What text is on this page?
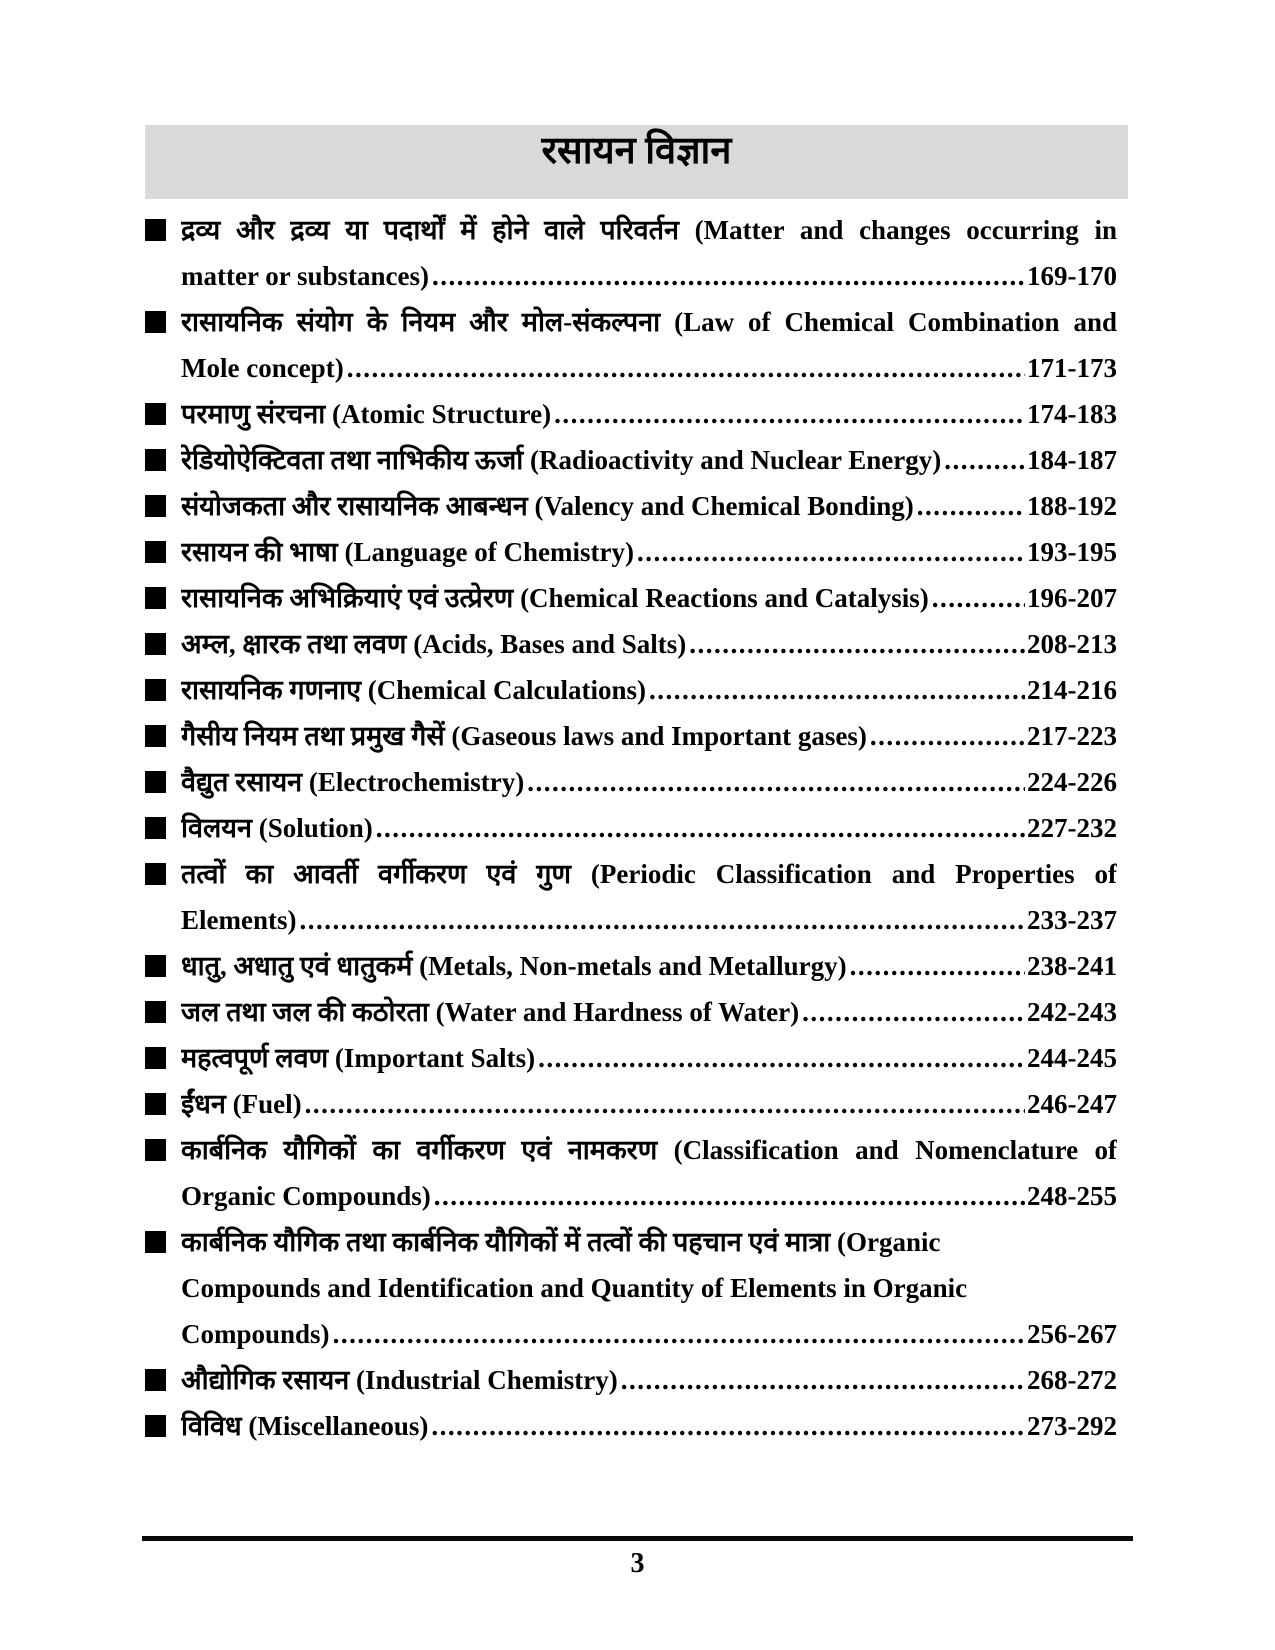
रसायन विज्ञान
द्रव्य और द्रव्य या पदार्थों में होने वाले परिवर्तन (Matter and changes occurring in
matter or substances) .....	169-170
रासायनिक संयोग के नियम और मोल-संकल्पना (Law of Chemical Combination and
Mole concept) .....	171-173
परमाणु संरचना (Atomic Structure) .....	174-183
रेडियोऐक्टिवता तथा नाभिकीय ऊर्जा (Radioactivity and Nuclear Energy) .....	184-187
संयोजकता और रासायनिक आबन्धन (Valency and Chemical Bonding) .....	188-192
रसायन की भाषा (Language of Chemistry) .....	193-195
रासायनिक अभिक्रियाएं एवं उत्प्रेरण (Chemical Reactions and Catalysis) .....	196-207
अम्ल, क्षारक तथा लवण (Acids, Bases and Salts) .....	208-213
रासायनिक गणनाए (Chemical Calculations) .....	214-216
गैसीय नियम तथा प्रमुख गैसें (Gaseous laws and Important gases) .....	217-223
वैद्युत रसायन (Electrochemistry) .....	224-226
विलयन (Solution) .....	227-232
तत्वों का आवर्ती वर्गीकरण एवं गुण (Periodic Classification and Properties of
Elements) .....	233-237
धातु, अधातु एवं धातुकर्म (Metals, Non-metals and Metallurgy) .....	238-241
जल तथा जल की कठोरता (Water and Hardness of Water) .....	242-243
महत्वपूर्ण लवण (Important Salts) .....	244-245
ईंधन (Fuel) .....	246-247
कार्बनिक यौगिकों का वर्गीकरण एवं नामकरण (Classification and Nomenclature of
Organic Compounds) .....	248-255
कार्बनिक यौगिक तथा कार्बनिक यौगिकों में तत्वों की पहचान एवं मात्रा (Organic
Compounds and Identification and Quantity of Elements in Organic
Compounds) .....	256-267
औद्योगिक रसायन (Industrial Chemistry) .....	268-272
विविध (Miscellaneous) .....	273-292
3
